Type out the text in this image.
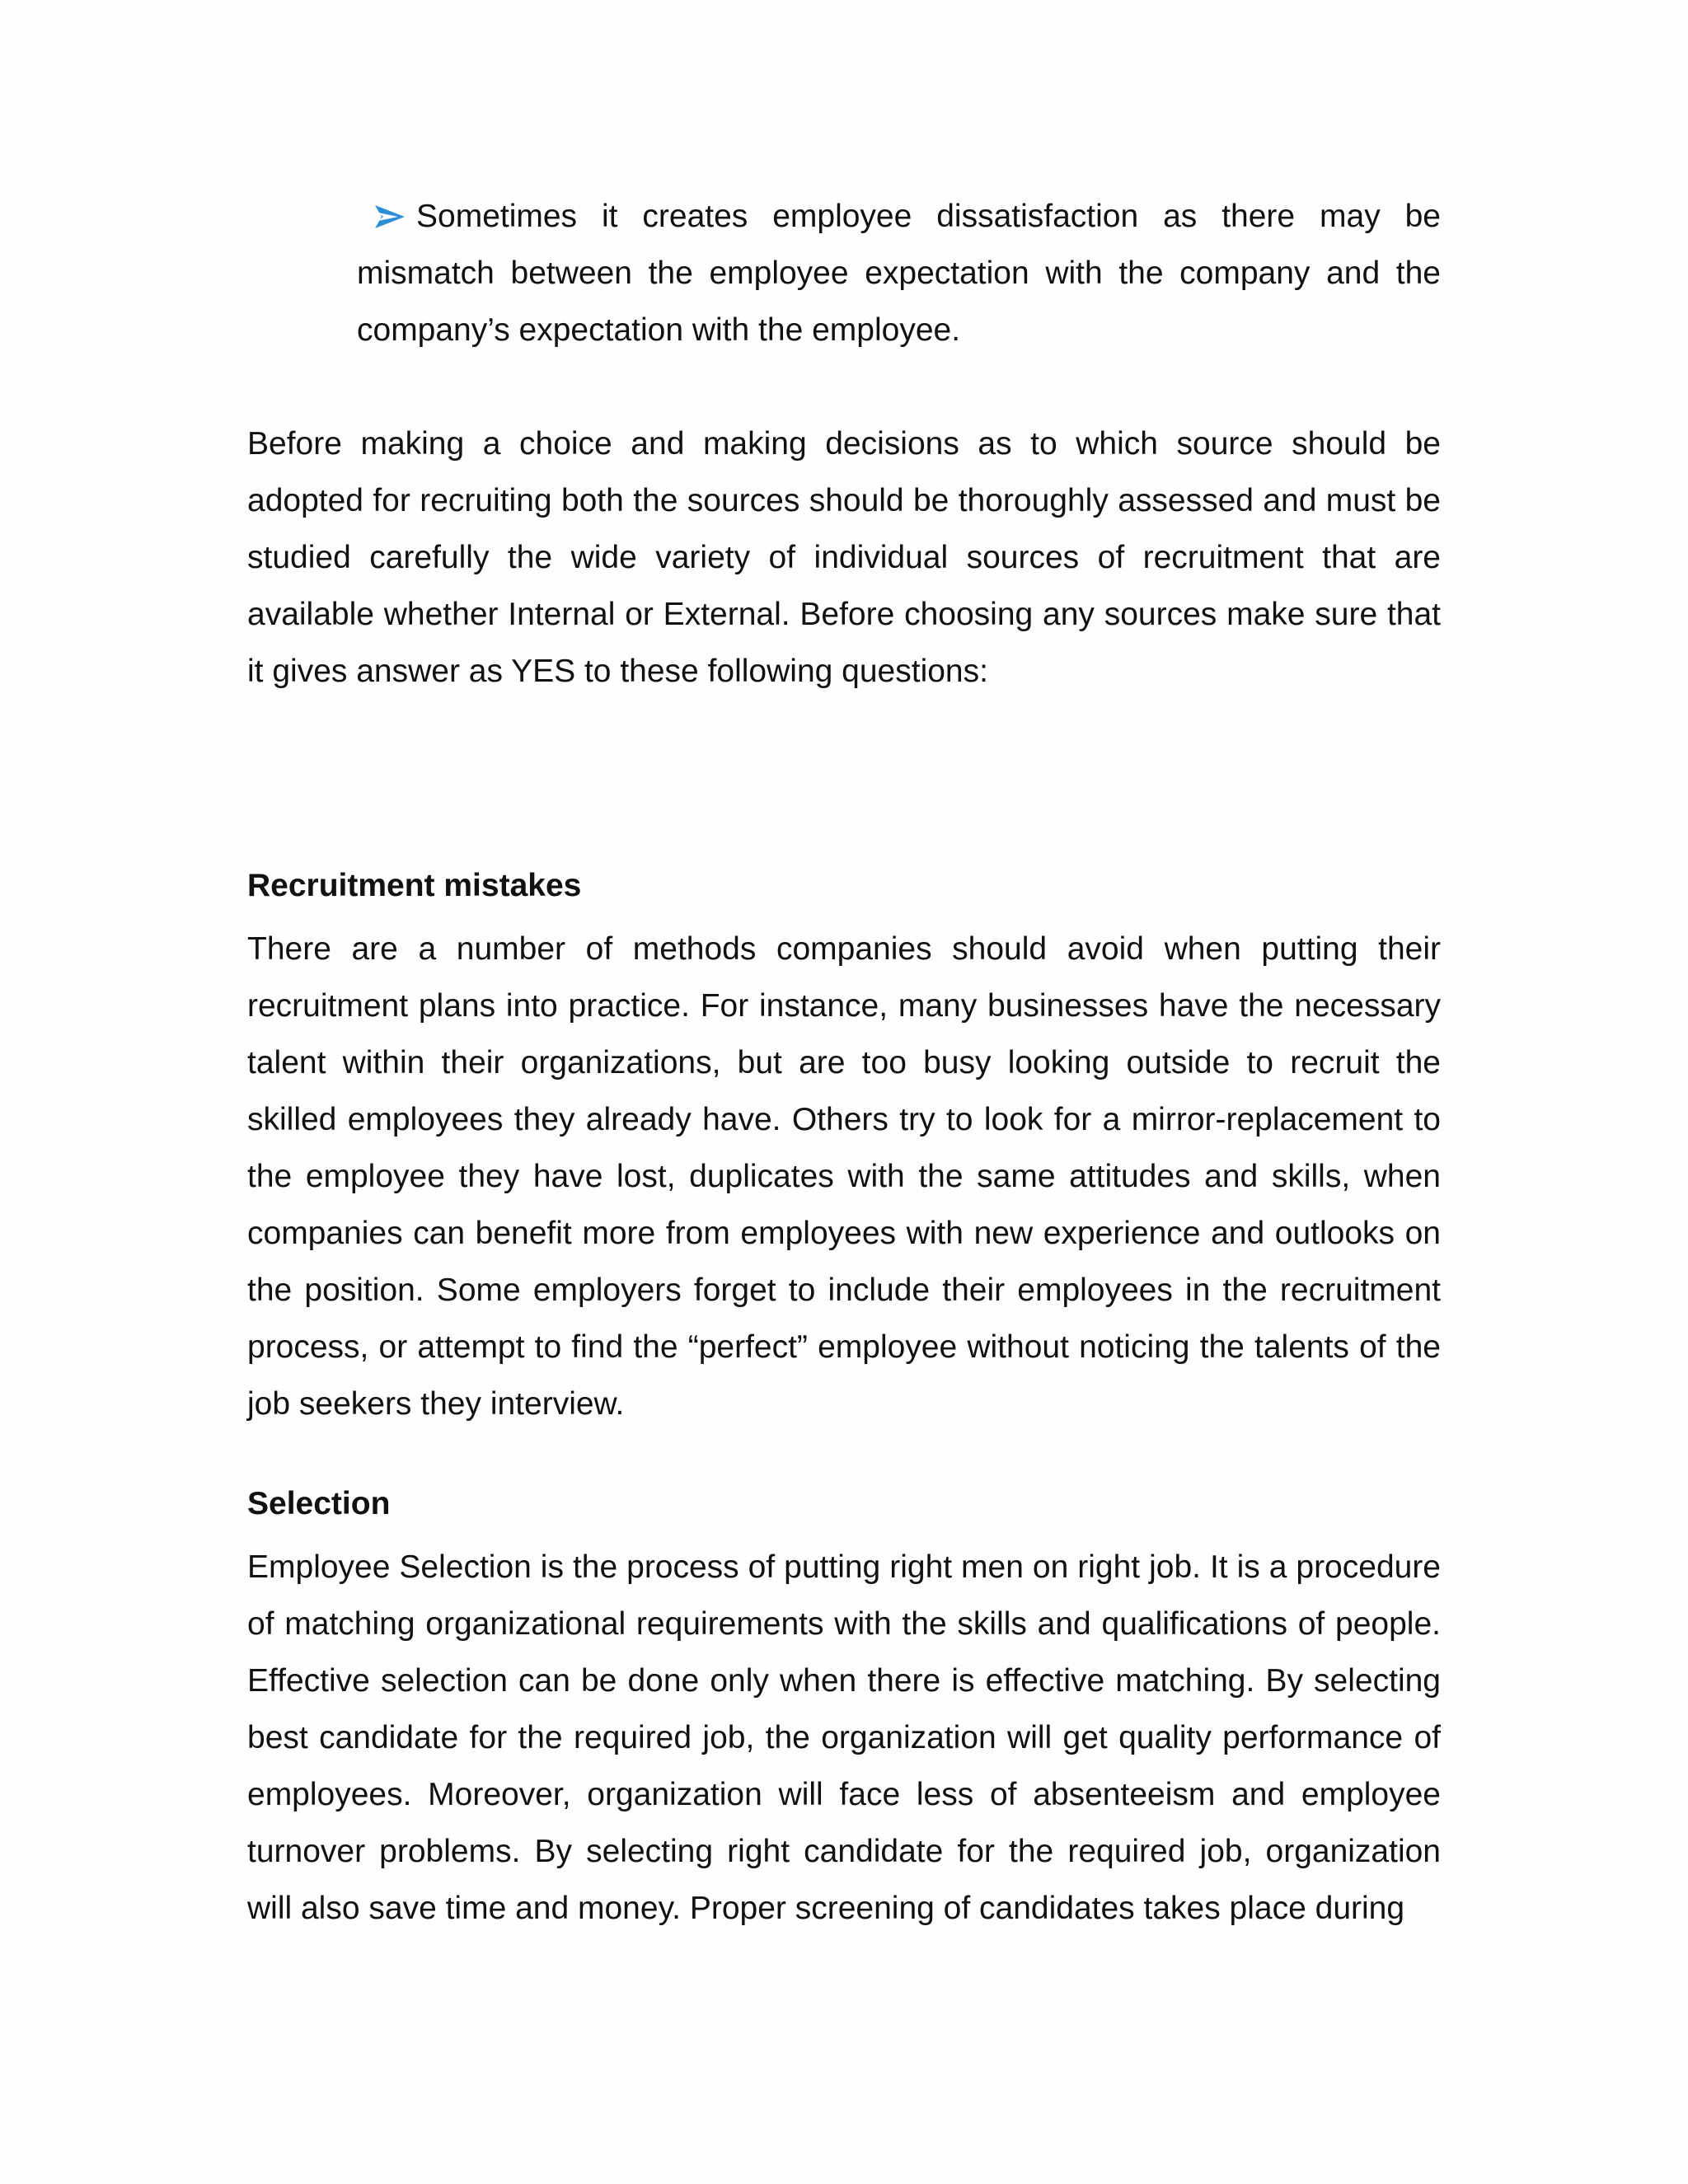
Sometimes it creates employee dissatisfaction as there may be mismatch between the employee expectation with the company and the company’s expectation with the employee.

Before making a choice and making decisions as to which source should be adopted for recruiting both the sources should be thoroughly assessed and must be studied carefully the wide variety of individual sources of recruitment that are available whether Internal or External. Before choosing any sources make sure that it gives answer as YES to these following questions:

Recruitment mistakes

There are a number of methods companies should avoid when putting their recruitment plans into practice. For instance, many businesses have the necessary talent within their organizations, but are too busy looking outside to recruit the skilled employees they already have. Others try to look for a mirror-replacement to the employee they have lost, duplicates with the same attitudes and skills, when companies can benefit more from employees with new experience and outlooks on the position. Some employers forget to include their employees in the recruitment process, or attempt to find the “perfect” employee without noticing the talents of the job seekers they interview.

Selection

Employee Selection is the process of putting right men on right job. It is a procedure of matching organizational requirements with the skills and qualifications of people. Effective selection can be done only when there is effective matching. By selecting best candidate for the required job, the organization will get quality performance of employees. Moreover, organization will face less of absenteeism and employee turnover problems. By selecting right candidate for the required job, organization will also save time and money. Proper screening of candidates takes place during
